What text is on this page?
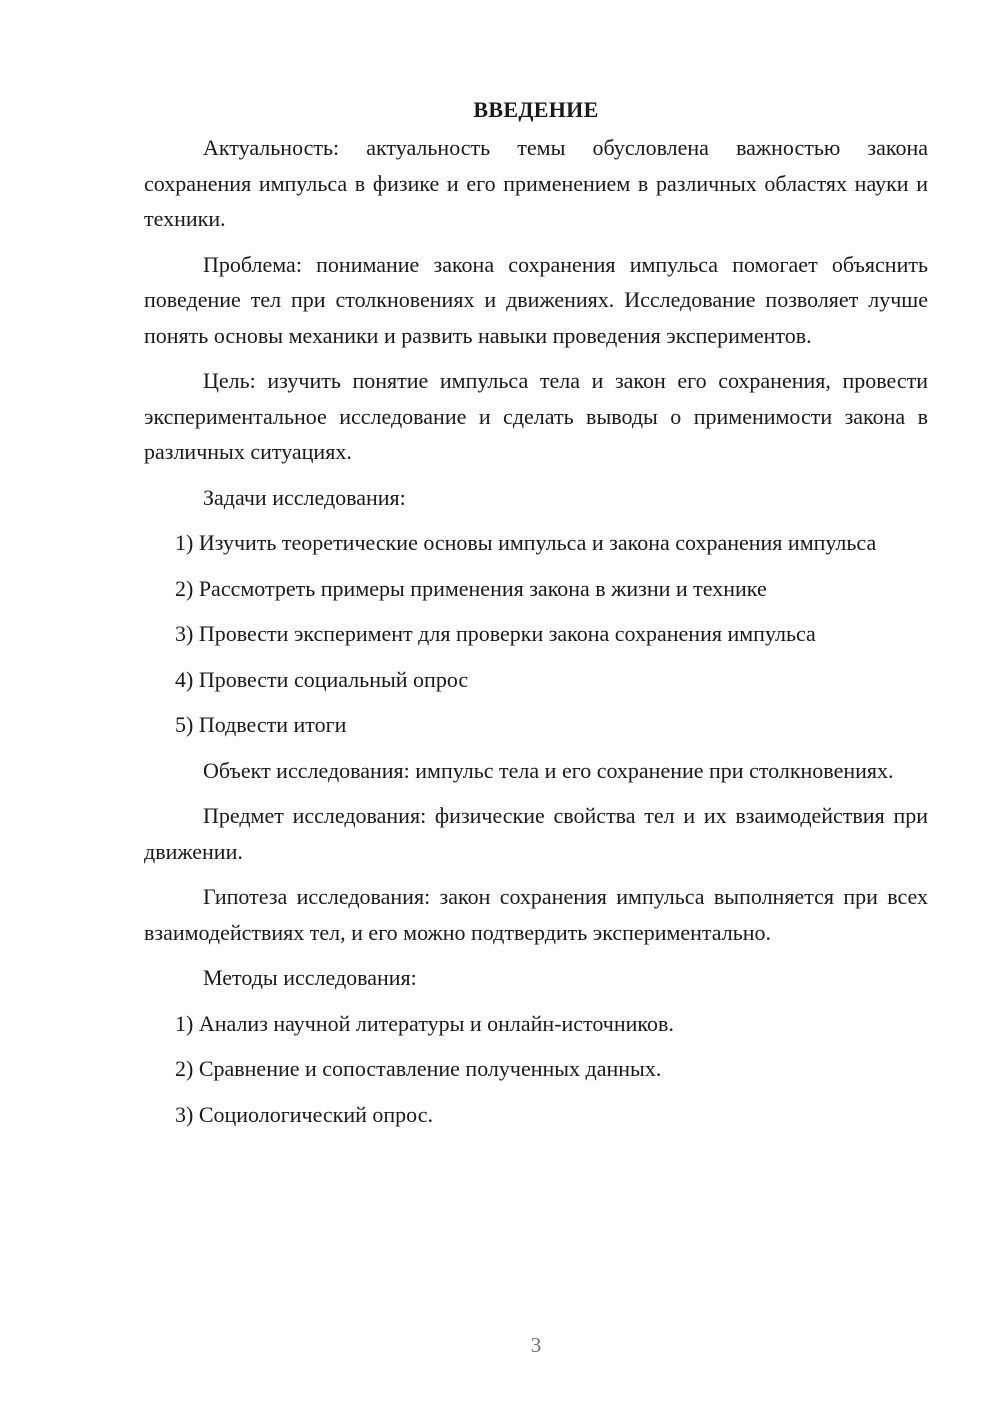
ВВЕДЕНИЕ

Актуальность: актуальность темы обусловлена важностью закона сохранения импульса в физике и его применением в различных областях науки и техники.

Проблема: понимание закона сохранения импульса помогает объяснить поведение тел при столкновениях и движениях. Исследование позволяет лучше понять основы механики и развить навыки проведения экспериментов.

Цель: изучить понятие импульса тела и закон его сохранения, провести экспериментальное исследование и сделать выводы о применимости закона в различных ситуациях.

Задачи исследования:

1) Изучить теоретические основы импульса и закона сохранения импульса

2) Рассмотреть примеры применения закона в жизни и технике

3) Провести эксперимент для проверки закона сохранения импульса

4) Провести социальный опрос

5) Подвести итоги

Объект исследования: импульс тела и его сохранение при столкновениях.

Предмет исследования: физические свойства тел и их взаимодействия при движении.

Гипотеза исследования: закон сохранения импульса выполняется при всех взаимодействиях тел, и его можно подтвердить экспериментально.

Методы исследования:

1) Анализ научной литературы и онлайн-источников.

2) Сравнение и сопоставление полученных данных.

3) Социологический опрос.

3
